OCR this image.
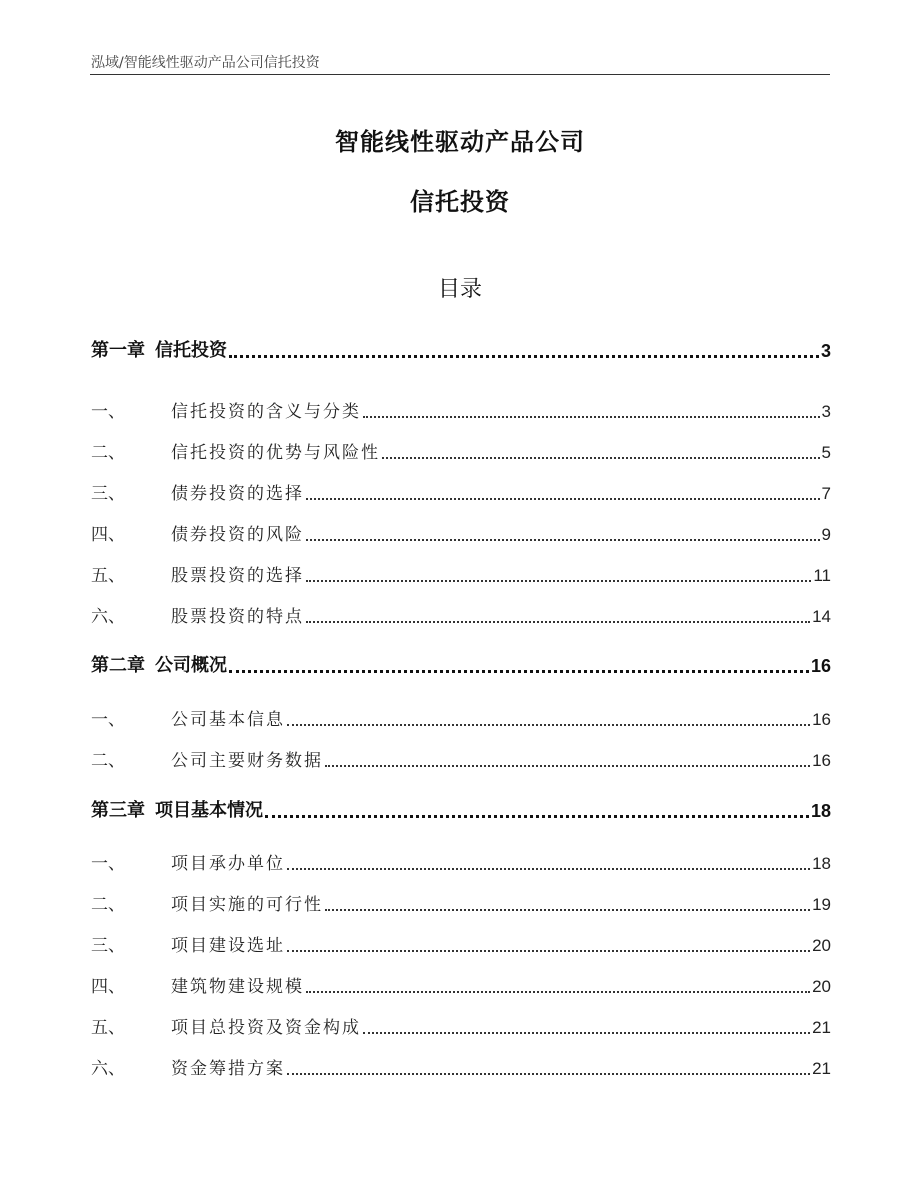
泓域/智能线性驱动产品公司信托投资
智能线性驱动产品公司
信托投资
目录
第一章 信托投资	3
一、	信托投资的含义与分类	3
二、	信托投资的优势与风险性	5
三、	债券投资的选择	7
四、	债券投资的风险	9
五、	股票投资的选择	11
六、	股票投资的特点	14
第二章 公司概况	16
一、	公司基本信息	16
二、	公司主要财务数据	16
第三章 项目基本情况	18
一、	项目承办单位	18
二、	项目实施的可行性	19
三、	项目建设选址	20
四、	建筑物建设规模	20
五、	项目总投资及资金构成	21
六、	资金筹措方案	21
